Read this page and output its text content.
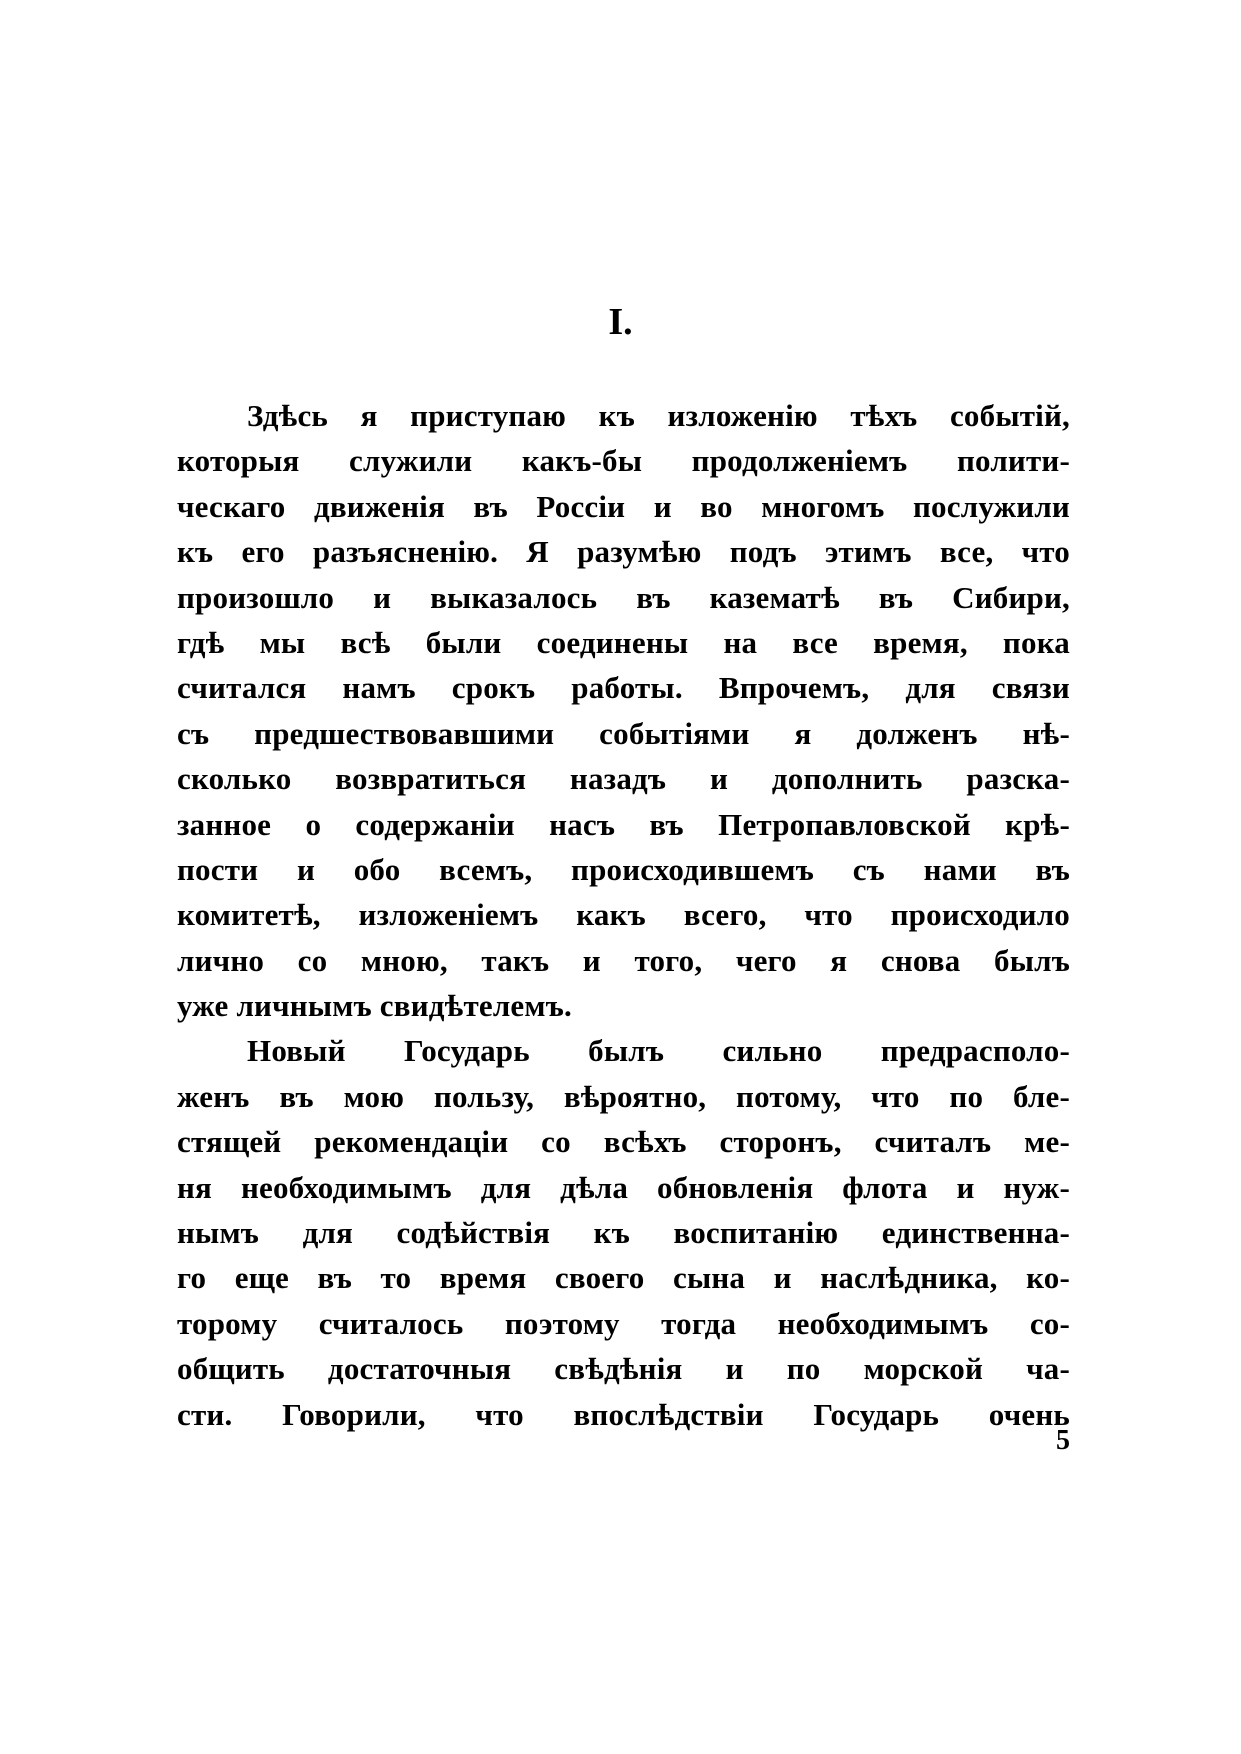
I.
Здѣсь я приступаю къ изложенію тѣхъ событій,
которыя служили какъ-бы продолженіемъ полити-
ческаго движенія въ Россіи и во многомъ послужили
къ его разъясненію. Я разумѣю подъ этимъ все, что
произошло и выказалось въ казематѣ въ Сибири,
гдѣ мы всѣ были соединены на все время, пока
считался намъ срокъ работы. Впрочемъ, для связи
съ предшествовавшими событіями я долженъ нѣ-
сколько возвратиться назадъ и дополнить разска-
занное о содержаніи насъ въ Петропавловской крѣ-
пости и обо всемъ, происходившемъ съ нами въ
комитетѣ, изложеніемъ какъ всего, что происходило
лично со мною, такъ и того, чего я снова былъ
уже личнымъ свидѣтелемъ.
Новый Государь былъ сильно предрасполо-
женъ въ мою пользу, вѣроятно, потому, что по бле-
стящей рекомендаціи со всѣхъ сторонъ, считалъ ме-
ня необходимымъ для дѣла обновленія флота и нуж-
нымъ для содѣйствія къ воспитанію единственна-
го еще въ то время своего сына и наслѣдника, ко-
торому считалось поэтому тогда необходимымъ со-
общить достаточныя свѣдѣнія и по морской ча-
сти. Говорили, что впослѣдствіи Государь очень
5
